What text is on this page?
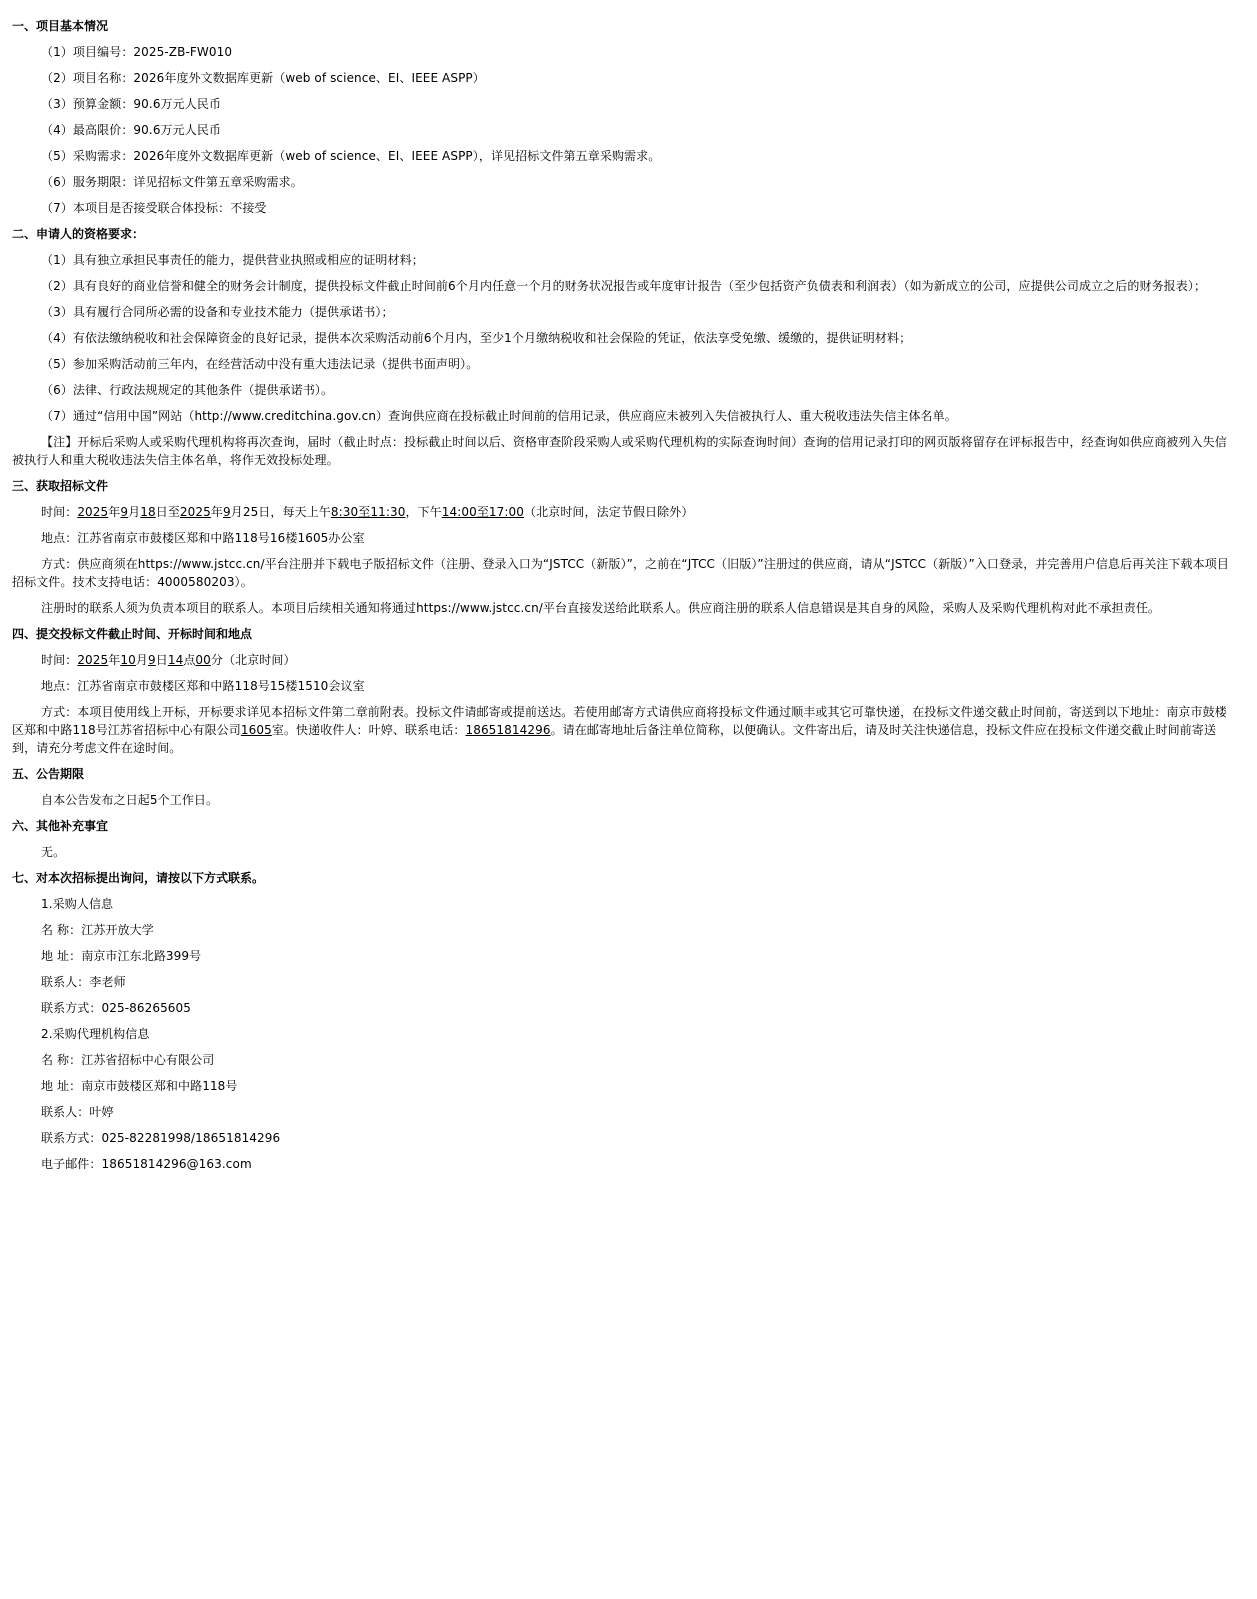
一、项目基本情况
（1）项目编号：2025-ZB-FW010
（2）项目名称：2026年度外文数据库更新（web of science、EI、IEEE ASPP）
（3）预算金额：90.6万元人民币
（4）最高限价：90.6万元人民币
（5）采购需求：2026年度外文数据库更新（web of science、EI、IEEE ASPP），详见招标文件第五章采购需求。
（6）服务期限：详见招标文件第五章采购需求。
（7）本项目是否接受联合体投标：不接受
二、申请人的资格要求：
（1）具有独立承担民事责任的能力，提供营业执照或相应的证明材料；
（2）具有良好的商业信誉和健全的财务会计制度，提供投标文件截止时间前6个月内任意一个月的财务状况报告或年度审计报告（至少包括资产负债表和利润表）（如为新成立的公司，应提供公司成立之后的财务报表）；
（3）具有履行合同所必需的设备和专业技术能力（提供承诺书）；
（4）有依法缴纳税收和社会保障资金的良好记录，提供本次采购活动前6个月内，至少1个月缴纳税收和社会保险的凭证，依法享受免缴、缓缴的，提供证明材料；
（5）参加采购活动前三年内，在经营活动中没有重大违法记录（提供书面声明）。
（6）法律、行政法规规定的其他条件（提供承诺书）。
（7）通过“信用中国”网站（http://www.creditchina.gov.cn）查询供应商在投标截止时间前的信用记录，供应商应未被列入失信被执行人、重大税收违法失信主体名单。
【注】开标后采购人或采购代理机构将再次查询，届时（截止时点：投标截止时间以后、资格审查阶段采购人或采购代理机构的实际查询时间）查询的信用记录打印的网页版将留存在评标报告中，经查询如供应商被列入失信被执行人和重大税收违法失信主体名单，将作无效投标处理。
三、获取招标文件
时间：2025年9月18日至2025年9月25日，每天上午8:30至11:30，下午14:00至17:00（北京时间，法定节假日除外）
地点：江苏省南京市鼓楼区郑和中路118号16楼1605办公室
方式：供应商须在https://www.jstcc.cn/平台注册并下载电子版招标文件（注册、登录入口为“JSTCC（新版）”，之前在“JTCC（旧版）”注册过的供应商，请从“JSTCC（新版）”入口登录，并完善用户信息后再关注下载本项目招标文件。技术支持电话：4000580203）。
注册时的联系人须为负责本项目的联系人。本项目后续相关通知将通过https://www.jstcc.cn/平台直接发送给此联系人。供应商注册的联系人信息错误是其自身的风险，采购人及采购代理机构对此不承担责任。
四、提交投标文件截止时间、开标时间和地点
时间：2025年10月9日14点00分（北京时间）
地点：江苏省南京市鼓楼区郑和中路118号15楼1510会议室
方式：本项目使用线上开标，开标要求详见本招标文件第二章前附表。投标文件请邮寄或提前送达。若使用邮寄方式请供应商将投标文件通过顺丰或其它可靠快递，在投标文件递交截止时间前，寄送到以下地址：南京市鼓楼区郑和中路118号江苏省招标中心有限公司1605室。快递收件人：叶婷、联系电话：18651814296。请在邮寄地址后备注单位简称，以便确认。文件寄出后，请及时关注快递信息，投标文件应在投标文件递交截止时间前寄送到，请充分考虑文件在途时间。
五、公告期限
自本公告发布之日起5个工作日。
六、其他补充事宜
无。
七、对本次招标提出询问，请按以下方式联系。
1.采购人信息
名 称：江苏开放大学
地 址：南京市江东北路399号
联系人：李老师
联系方式：025-86265605
2.采购代理机构信息
名 称：江苏省招标中心有限公司
地 址：南京市鼓楼区郑和中路118号
联系人：叶婷
联系方式：025-82281998/18651814296
电子邮件：18651814296@163.com
